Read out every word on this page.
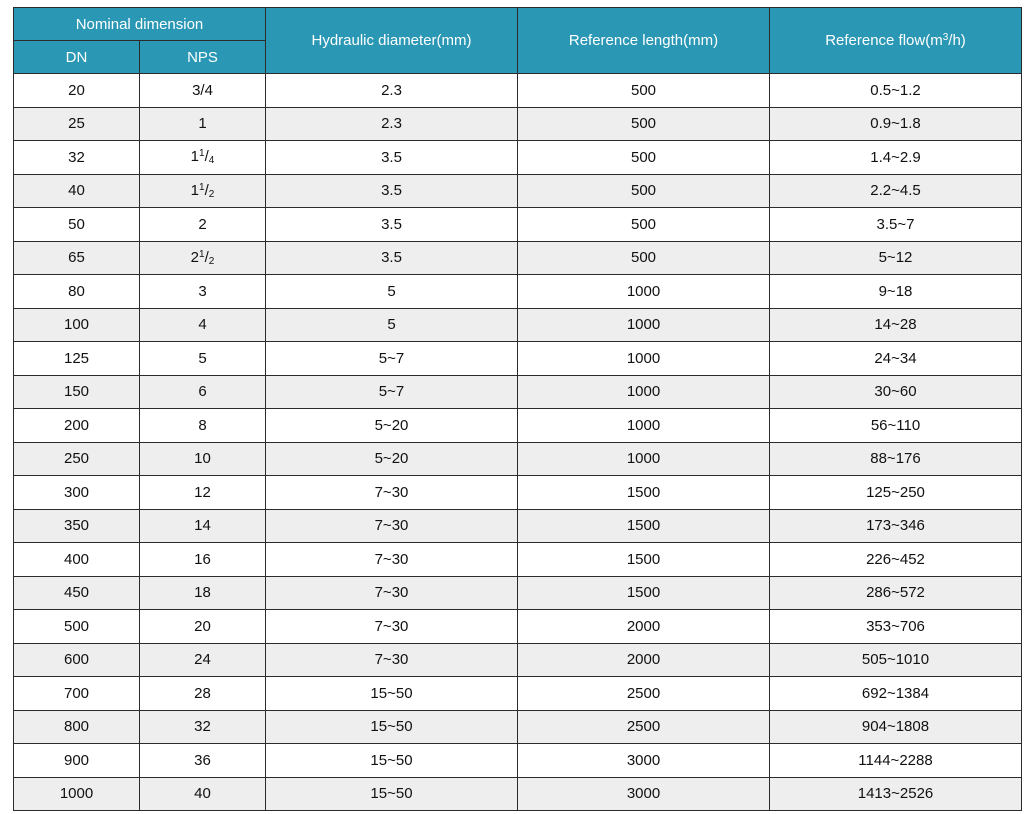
Nominal dimension		Hydraulic diameter(mm)	Reference length(mm)	Reference $flow(m^3/h)$
DN	NPS			
20	3/4	2.3	500	0.5~1.2
25	1	2.3	500	0.9~1.8
32	$1^1/_4$	3.5	500	1.4~2.9
40	$1^1/_2$	3.5	500	2.2~4.5
50	2	3.5	500	3.5~7
65	$2^1/_2$	3.5	500	5~12
80	3	5	1000	9~18
100	4	5	1000	14~28
125	5	5~7	1000	24~34
150	6	5~7	1000	30~60
200	8	5~20	1000	56~110
250	10	5~20	1000	88~176
300	12	7~30	1500	125~250
350	14	7~30	1500	173~346
400	16	7~30	1500	226~452
450	18	7~30	1500	286~572
500	20	7~30	2000	353~706
600	24	7~30	2000	505~1010
700	28	15~50	2500	692~1384
800	32	15~50	2500	904~1808
900	36	15~50	3000	1144~2288
1000	40	15~50	3000	1413~2526
